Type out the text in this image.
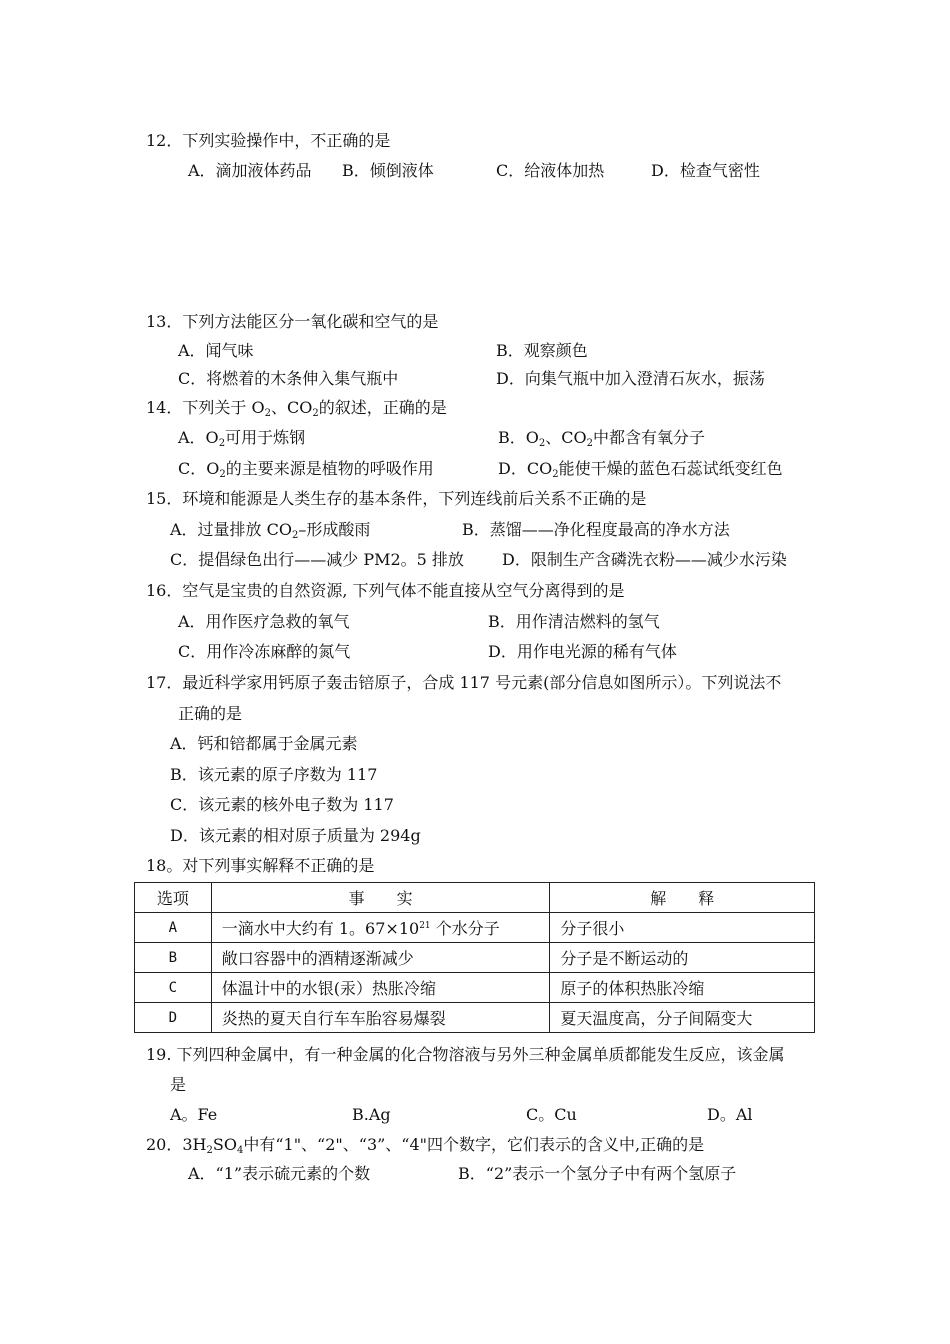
12．下列实验操作中，不正确的是
A．滴加液体药品 B．倾倒液体	C．给液体加热	D．检查气密性
13．下列方法能区分一氧化碳和空气的是
A．闻气味	B．观察颜色
C．将燃着的木条伸入集气瓶中	D．向集气瓶中加入澄清石灰水，振荡
14．下列关于 $O_2$、$CO_2$的叙述，正确的是
A．$O_2$可用于炼钢	B．$O_2$、$CO_2$中都含有氧分子
C．$O_2$的主要来源是植物的呼吸作用	D．$CO_2$能使干燥的蓝色石蕊试纸变红色
15．环境和能源是人类生存的基本条件，下列连线前后关系不正确的是
A．过量排放 $CO_2-$形成酸雨	B．蒸馏——净化程度最高的净水方法
C．提倡绿色出行——减少 PM2。5 排放 D．限制生产含磷洗衣粉——减少水污染
16．空气是宝贵的自然资源, 下列气体不能直接从空气分离得到的是
A．用作医疗急救的氧气	B．用作清洁燃料的氢气
C．用作冷冻麻醉的氮气	D．用作电光源的稀有气体
17．最近科学家用钙原子轰击锫原子，合成 117 号元素(部分信息如图所示）。下列说法不
正确的是
A．钙和锫都属于金属元素
B．该元素的原子序数为 117
C．该元素的核外电子数为 117
D．该元素的相对原子质量为 294g
18。对下列事实解释不正确的是
选项	事　　实	解　　释
A	一滴水中大约有 1。$67\times 10^{21}$ 个水分子	分子很小
B	敞口容器中的酒精逐渐减少	分子是不断运动的
C	体温计中的水银(汞）热胀冷缩	原子的体积热胀冷缩
D	炎热的夏天自行车车胎容易爆裂	夏天温度高，分子间隔变大
19. 下列四种金属中，有一种金属的化合物溶液与另外三种金属单质都能发生反应，该金属
是
A。Fe	B.Ag	C。Cu	D。Al
20．$3H_2SO_4$中有“1"、“2"、“3”、“4"四个数字，它们表示的含义中,正确的是
A．“1”表示硫元素的个数	B．“2”表示一个氢分子中有两个氢原子
